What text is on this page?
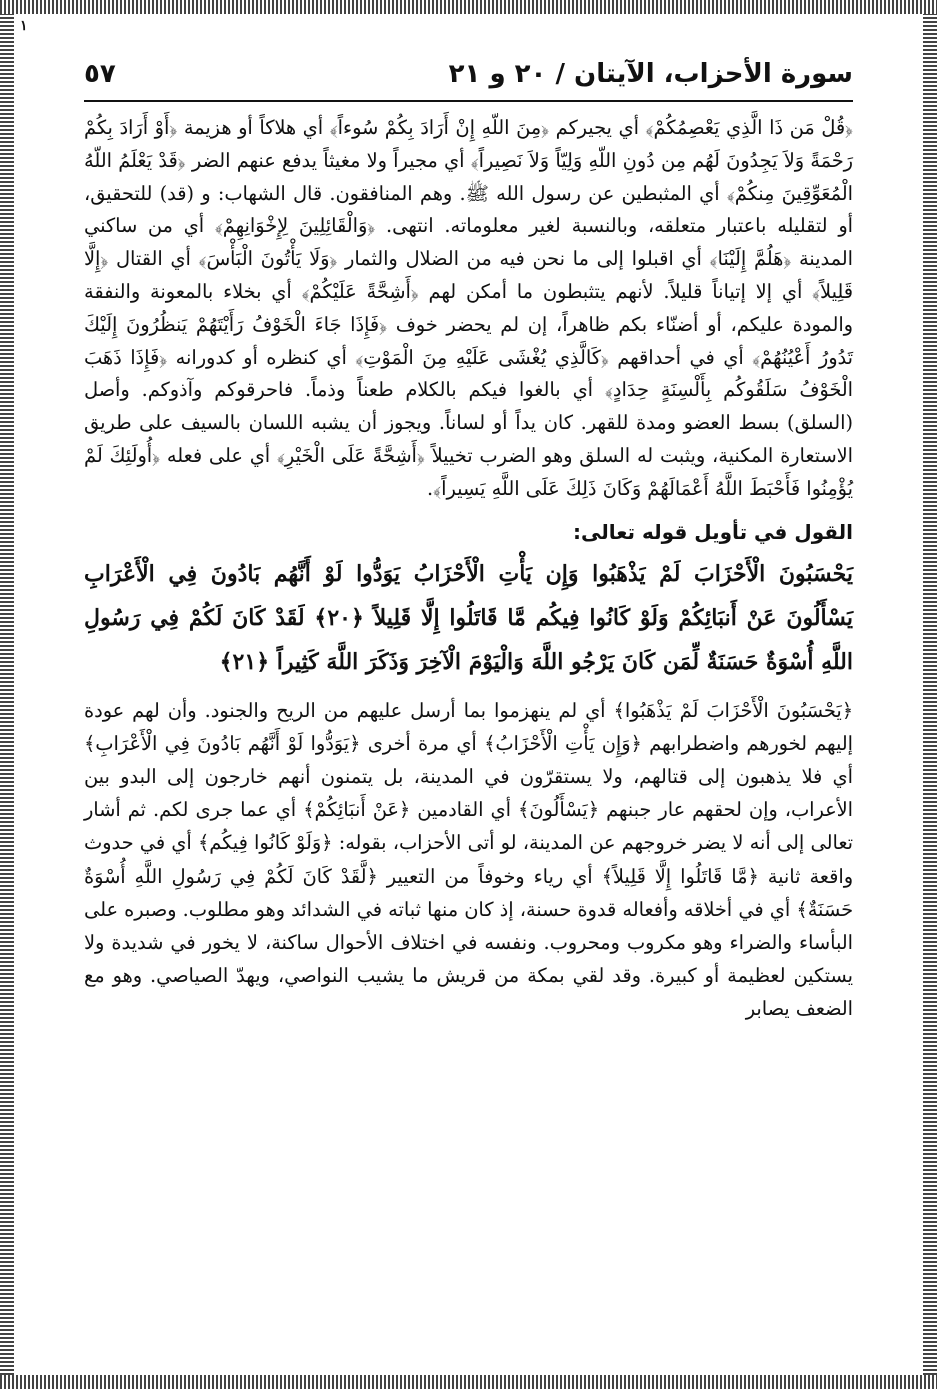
١
سورة الأحزاب، الآيتان / ٢٠ و ٢١
٥٧

﴿قُلْ مَن ذَا الَّذِي يَعْصِمُكُمْ﴾ أي يجيركم ﴿مِنَ اللّهِ إِنْ أَرَادَ بِكُمْ سُوءاً﴾ أي هلاكاً أو هزيمة ﴿أَوْ أَرَادَ بِكُمْ رَحْمَةً وَلاَ يَجِدُونَ لَهُم مِن دُونِ اللّهِ وَلِيّاً وَلاَ نَصِيراً﴾ أي مجيراً ولا مغيثاً يدفع عنهم الضر ﴿قَدْ يَعْلَمُ اللّهُ الْمُعَوِّقِينَ مِنكُمْ﴾ أي المثبطين عن رسول الله ﷺ. وهم المنافقون. قال الشهاب: و (قد) للتحقيق، أو لتقليله باعتبار متعلقه، وبالنسبة لغير معلوماته. انتهى. ﴿وَالْقَائِلِينَ لِإِخْوَانِهِمْ﴾ أي من ساكني المدينة ﴿هَلُمَّ إِلَيْنَا﴾ أي اقبلوا إلى ما نحن فيه من الضلال والثمار ﴿وَلَا يَأْتُونَ الْبَأْسَ﴾ أي القتال ﴿إِلَّا قَلِيلاً﴾ أي إلا إتياناً قليلاً. لأنهم يتثبطون ما أمكن لهم ﴿أَشِحَّةً عَلَيْكُمْ﴾ أي بخلاء بالمعونة والنفقة والمودة عليكم، أو أضنّاء بكم ظاهراً، إن لم يحضر خوف ﴿فَإِذَا جَاءَ الْخَوْفُ رَأَيْتَهُمْ يَنظُرُونَ إِلَيْكَ تَدُورُ أَعْيُنُهُمْ﴾ أي في أحداقهم ﴿كَالَّذِي يُغْشَى عَلَيْهِ مِنَ الْمَوْتِ﴾ أي كنظره أو كدورانه ﴿فَإِذَا ذَهَبَ الْخَوْفُ سَلَقُوكُم بِأَلْسِنَةٍ حِدَادٍ﴾ أي بالغوا فيكم بالكلام طعناً وذماً. فاحرقوكم وآذوكم. وأصل (السلق) بسط العضو ومدة للقهر. كان يداً أو لساناً. ويجوز أن يشبه اللسان بالسيف على طريق الاستعارة المكنية، ويثبت له السلق وهو الضرب تخييلاً ﴿أَشِحَّةً عَلَى الْخَيْرِ﴾ أي على فعله ﴿أُولَئِكَ لَمْ يُؤْمِنُوا فَأَحْبَطَ اللَّهُ أَعْمَالَهُمْ وَكَانَ ذَلِكَ عَلَى اللَّهِ يَسِيراً﴾.

القول في تأويل قوله تعالى:

يَحْسَبُونَ الْأَحْزَابَ لَمْ يَذْهَبُوا وَإِن يَأْتِ الْأَحْزَابُ يَوَدُّوا لَوْ أَنَّهُم بَادُونَ فِي الْأَعْرَابِ يَسْأَلُونَ عَنْ أَنبَائِكُمْ وَلَوْ كَانُوا فِيكُم مَّا قَاتَلُوا إِلَّا قَلِيلاً ﴿٢٠﴾ لَقَدْ كَانَ لَكُمْ فِي رَسُولِ اللَّهِ أُسْوَةٌ حَسَنَةٌ لِّمَن كَانَ يَرْجُو اللَّهَ وَالْيَوْمَ الْآخِرَ وَذَكَرَ اللَّهَ كَثِيراً ﴿٢١﴾

﴿يَحْسَبُونَ الْأَحْزَابَ لَمْ يَذْهَبُوا﴾ أي لم ينهزموا بما أرسل عليهم من الريح والجنود. وأن لهم عودة إليهم لخورهم واضطرابهم ﴿وَإِن يَأْتِ الْأَحْزَابُ﴾ أي مرة أخرى ﴿يَوَدُّوا لَوْ أَنَّهُم بَادُونَ فِي الْأَعْرَابِ﴾ أي فلا يذهبون إلى قتالهم، ولا يستقرّون في المدينة، بل يتمنون أنهم خارجون إلى البدو بين الأعراب، وإن لحقهم عار جبنهم ﴿يَسْأَلُونَ﴾ أي القادمين ﴿عَنْ أَنبَائِكُمْ﴾ أي عما جرى لكم. ثم أشار تعالى إلى أنه لا يضر خروجهم عن المدينة، لو أتى الأحزاب، بقوله: ﴿وَلَوْ كَانُوا فِيكُم﴾ أي في حدوث واقعة ثانية ﴿مَّا قَاتَلُوا إِلَّا قَلِيلاً﴾ أي رياء وخوفاً من التعيير ﴿لَّقَدْ كَانَ لَكُمْ فِي رَسُولِ اللَّهِ أُسْوَةٌ حَسَنَةٌ﴾ أي في أخلاقه وأفعاله قدوة حسنة، إذ كان منها ثباته في الشدائد وهو مطلوب. وصبره على البأساء والضراء وهو مكروب ومحروب. ونفسه في اختلاف الأحوال ساكنة، لا يخور في شديدة ولا يستكين لعظيمة أو كبيرة. وقد لقي بمكة من قريش ما يشيب النواصي، ويهدّ الصياصي. وهو مع الضعف يصابر
